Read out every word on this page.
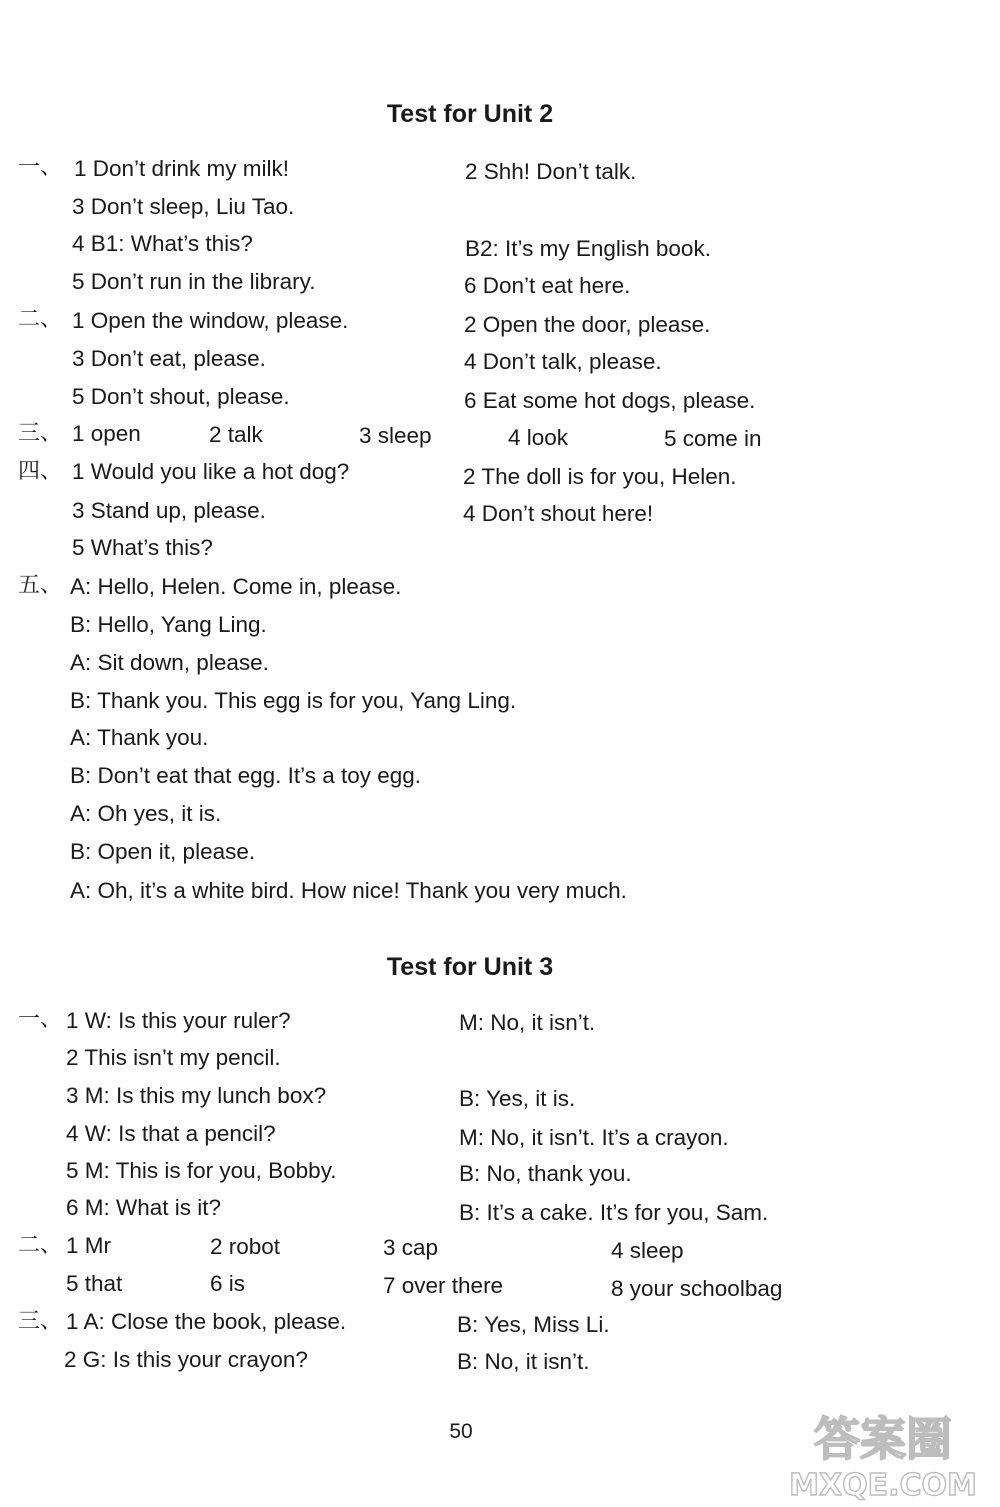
Test for Unit 2
一、 1 Don’t drink my milk!	2 Shh! Don’t talk.
3 Don’t sleep, Liu Tao.
4 B1: What’s this?	B2: It’s my English book.
5 Don’t run in the library.	6 Don’t eat here.
二、 1 Open the window, please.	2 Open the door, please.
3 Don’t eat, please.	4 Don’t talk, please.
5 Don’t shout, please.	6 Eat some hot dogs, please.
三、 1 open	2 talk	3 sleep	4 look	5 come in
四、 1 Would you like a hot dog?	2 The doll is for you, Helen.
3 Stand up, please.	4 Don’t shout here!
5 What’s this?
五、 A: Hello, Helen. Come in, please.
B: Hello, Yang Ling.
A: Sit down, please.
B: Thank you. This egg is for you, Yang Ling.
A: Thank you.
B: Don’t eat that egg. It’s a toy egg.
A: Oh yes, it is.
B: Open it, please.
A: Oh, it’s a white bird. How nice! Thank you very much.
Test for Unit 3
一、 1 W: Is this your ruler?	M: No, it isn’t.
2 This isn’t my pencil.
3 M: Is this my lunch box?	B: Yes, it is.
4 W: Is that a pencil?	M: No, it isn’t. It’s a crayon.
5 M: This is for you, Bobby.	B: No, thank you.
6 M: What is it?	B: It’s a cake. It’s for you, Sam.
二、 1 Mr	2 robot	3 cap	4 sleep
5 that	6 is	7 over there	8 your schoolbag
三、 1 A: Close the book, please.	B: Yes, Miss Li.
2 G: Is this your crayon?	B: No, it isn’t.
50	答案圈
MXQE.COM
